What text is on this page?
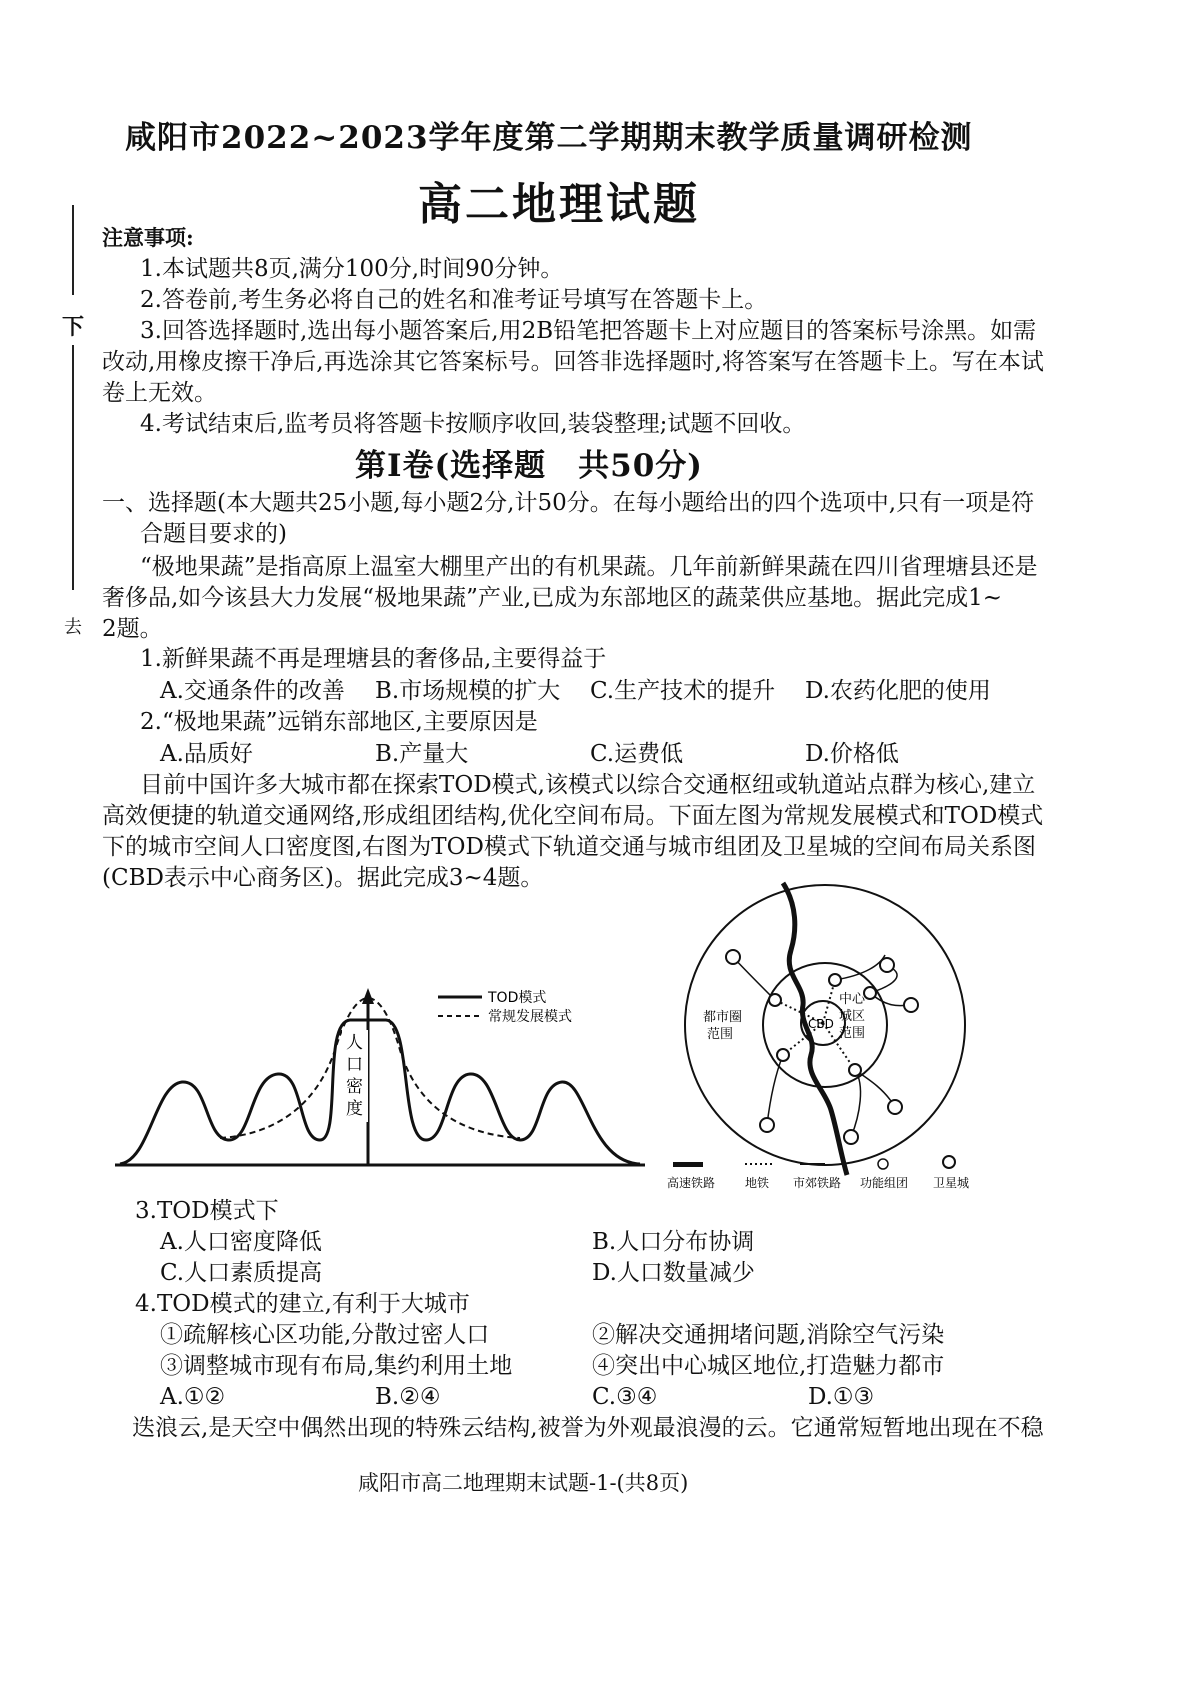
下
去
咸阳市2022~2023学年度第二学期期末教学质量调研检测
高二地理试题
注意事项:
1.本试题共8页,满分100分,时间90分钟。
2.答卷前,考生务必将自己的姓名和准考证号填写在答题卡上。
3.回答选择题时,选出每小题答案后,用2B铅笔把答题卡上对应题目的答案标号涂黑。如需
改动,用橡皮擦干净后,再选涂其它答案标号。回答非选择题时,将答案写在答题卡上。写在本试
卷上无效。
4.考试结束后,监考员将答题卡按顺序收回,装袋整理;试题不回收。
第Ⅰ卷(选择题　共50分)
一、选择题(本大题共25小题,每小题2分,计50分。在每小题给出的四个选项中,只有一项是符
合题目要求的)
“极地果蔬”是指高原上温室大棚里产出的有机果蔬。几年前新鲜果蔬在四川省理塘县还是
奢侈品,如今该县大力发展“极地果蔬”产业,已成为东部地区的蔬菜供应基地。据此完成1~
2题。
1.新鲜果蔬不再是理塘县的奢侈品,主要得益于
A.交通条件的改善 B.市场规模的扩大 C.生产技术的提升 D.农药化肥的使用
2.“极地果蔬”远销东部地区,主要原因是
A.品质好	B.产量大	C.运费低	D.价格低
目前中国许多大城市都在探索TOD模式,该模式以综合交通枢纽或轨道站点群为核心,建立
高效便捷的轨道交通网络,形成组团结构,优化空间布局。下面左图为常规发展模式和TOD模式
下的城市空间人口密度图,右图为TOD模式下轨道交通与城市组团及卫星城的空间布局关系图
(CBD表示中心商务区)。据此完成3~4题。
TOD模式
常规发展模式
人
口
密
度
CBD
都市圈
范围
中心
城区
范围
高速铁路 地铁 市郊铁路 功能组团 卫星城
3.TOD模式下
A.人口密度降低	B.人口分布协调
C.人口素质提高	D.人口数量减少
4.TOD模式的建立,有利于大城市
①疏解核心区功能,分散过密人口	②解决交通拥堵问题,消除空气污染
③调整城市现有布局,集约利用土地	④突出中心城区地位,打造魅力都市
A.①②	B.②④	C.③④	D.①③
迭浪云,是天空中偶然出现的特殊云结构,被誉为外观最浪漫的云。它通常短暂地出现在不稳
咸阳市高二地理期末试题-1-(共8页)
